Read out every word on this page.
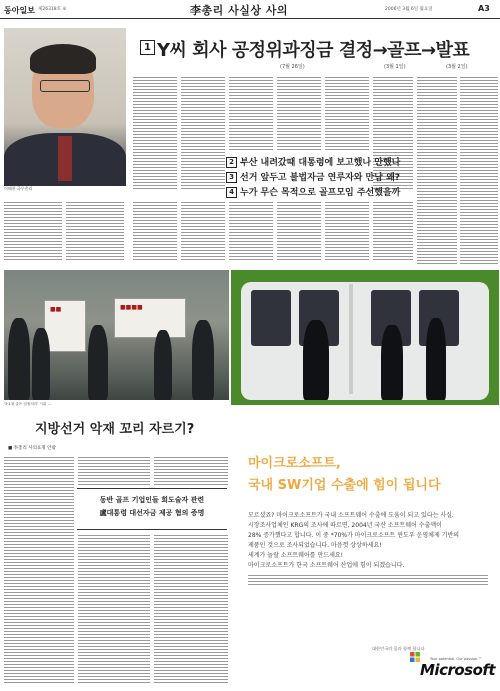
동아일보 제26318호 ⑥	李총리 사실상 사의	2006년 3월 6일 월요일	A3
이해찬 국무총리
1 Y씨 회사 공정위과징금 결정→골프→발표
(7월 26일)	(3월 1일)	(3월 2일)
2 부산 내려갔때 대통령에 보고했나 안했나
3 선거 앞두고 불법자금 연루자와 만남 왜?
4 누가 무슨 목적으로 골프모임 주선했을까
■■■■
■■
'3·1절 골프 엄정처리' 시위 …
지방선거 악재 꼬리 자르기?
■ 李총리 사의표명 안팎
동반 골프 기업인들 회도술자 관련
盧대통령 대선자금 제공 혐의 증명
마이크로소프트,
국내 SW기업 수출에 힘이 됩니다
모르셨죠? 마이크로소프트가 국내 소프트웨어 수출에 도움이 되고 있다는 사실.
시장조사업체인 KRG의 조사에 따르면, 2004년 국산 소프트웨어 수출액이
28% 증가했다고 합니다. 이 중 *70%가 마이크로소프트 윈도우 운영체제 기반의
제품인 것으로 조사되었습니다. 마음껏 상상하세요!
세계가 놀랄 소프트웨어를 만드세요!
마이크로소프트가 한국 소프트웨어 산업에 힘이 되겠습니다.
대한민국의 꿈과 함께 합니다
Your potential. Our passion.™
Microsoft
